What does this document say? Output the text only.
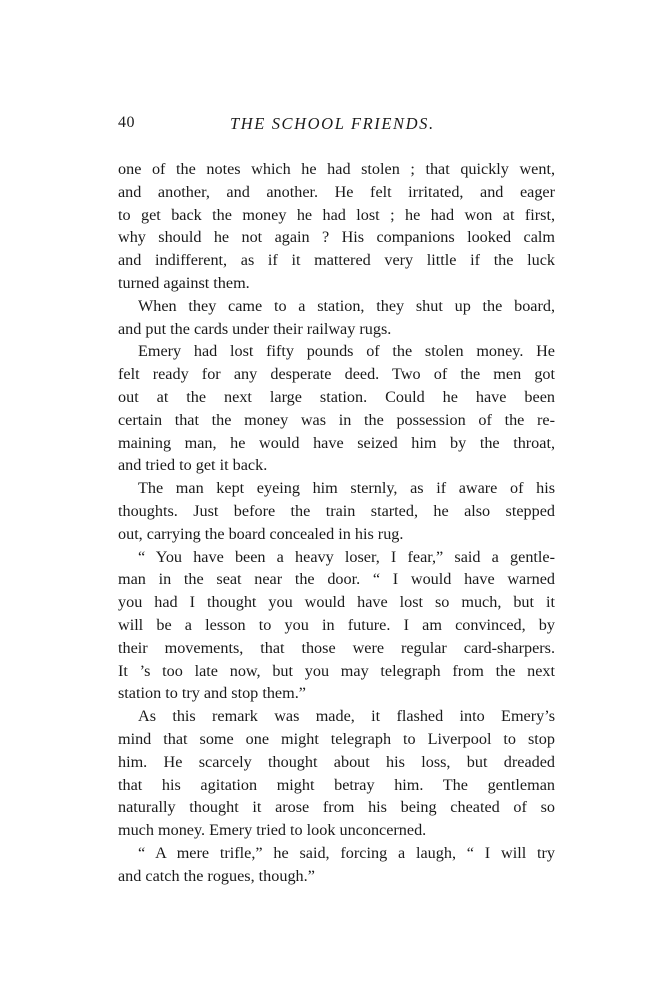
40	THE SCHOOL FRIENDS.
one of the notes which he had stolen ; that quickly went,
and another, and another. He felt irritated, and eager
to get back the money he had lost ; he had won at first,
why should he not again ? His companions looked calm
and indifferent, as if it mattered very little if the luck
turned against them.
When they came to a station, they shut up the board,
and put the cards under their railway rugs.
Emery had lost fifty pounds of the stolen money. He
felt ready for any desperate deed. Two of the men got
out at the next large station. Could he have been
certain that the money was in the possession of the re-
maining man, he would have seized him by the throat,
and tried to get it back.
The man kept eyeing him sternly, as if aware of his
thoughts. Just before the train started, he also stepped
out, carrying the board concealed in his rug.
“ You have been a heavy loser, I fear,” said a gentle-
man in the seat near the door. “ I would have warned
you had I thought you would have lost so much, but it
will be a lesson to you in future. I am convinced, by
their movements, that those were regular card-sharpers.
It ’s too late now, but you may telegraph from the next
station to try and stop them.”
As this remark was made, it flashed into Emery’s
mind that some one might telegraph to Liverpool to stop
him. He scarcely thought about his loss, but dreaded
that his agitation might betray him. The gentleman
naturally thought it arose from his being cheated of so
much money. Emery tried to look unconcerned.
“ A mere trifle,” he said, forcing a laugh, “ I will try
and catch the rogues, though.”
